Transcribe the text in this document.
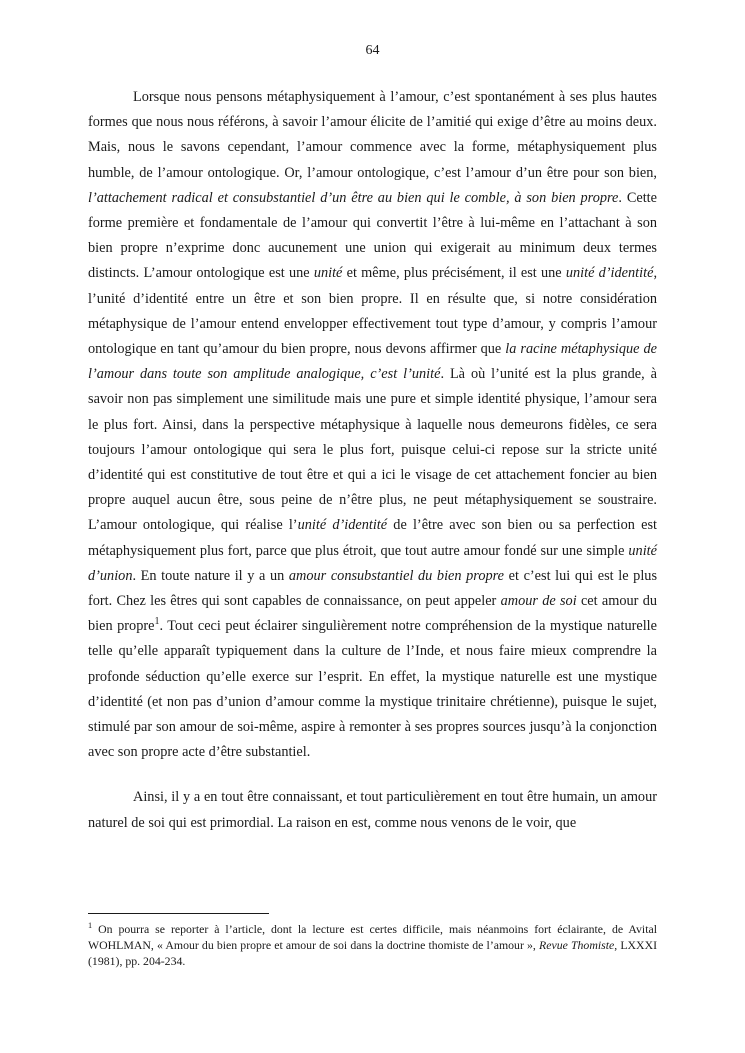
64

Lorsque nous pensons métaphysiquement à l’amour, c’est spontanément à ses plus hautes formes que nous nous référons, à savoir l’amour élicite de l’amitié qui exige d’être au moins deux. Mais, nous le savons cependant, l’amour commence avec la forme, métaphysiquement plus humble, de l’amour ontologique. Or, l’amour ontologique, c’est l’amour d’un être pour son bien, l’attachement radical et consubstantiel d’un être au bien qui le comble, à son bien propre. Cette forme première et fondamentale de l’amour qui convertit l’être à lui-même en l’attachant à son bien propre n’exprime donc aucunement une union qui exigerait au minimum deux termes distincts. L’amour ontologique est une unité et même, plus précisément, il est une unité d’identité, l’unité d’identité entre un être et son bien propre. Il en résulte que, si notre considération métaphysique de l’amour entend envelopper effectivement tout type d’amour, y compris l’amour ontologique en tant qu’amour du bien propre, nous devons affirmer que la racine métaphysique de l’amour dans toute son amplitude analogique, c’est l’unité. Là où l’unité est la plus grande, à savoir non pas simplement une similitude mais une pure et simple identité physique, l’amour sera le plus fort. Ainsi, dans la perspective métaphysique à laquelle nous demeurons fidèles, ce sera toujours l’amour ontologique qui sera le plus fort, puisque celui-ci repose sur la stricte unité d’identité qui est constitutive de tout être et qui a ici le visage de cet attachement foncier au bien propre auquel aucun être, sous peine de n’être plus, ne peut métaphysiquement se soustraire. L’amour ontologique, qui réalise l’unité d’identité de l’être avec son bien ou sa perfection est métaphysiquement plus fort, parce que plus étroit, que tout autre amour fondé sur une simple unité d’union. En toute nature il y a un amour consubstantiel du bien propre et c’est lui qui est le plus fort. Chez les êtres qui sont capables de connaissance, on peut appeler amour de soi cet amour du bien propre$^1$. Tout ceci peut éclairer singulièrement notre compréhension de la mystique naturelle telle qu’elle apparaît typiquement dans la culture de l’Inde, et nous faire mieux comprendre la profonde séduction qu’elle exerce sur l’esprit. En effet, la mystique naturelle est une mystique d’identité (et non pas d’union d’amour comme la mystique trinitaire chrétienne), puisque le sujet, stimulé par son amour de soi-même, aspire à remonter à ses propres sources jusqu’à la conjonction avec son propre acte d’être substantiel.

Ainsi, il y a en tout être connaissant, et tout particulièrement en tout être humain, un amour naturel de soi qui est primordial. La raison en est, comme nous venons de le voir, que

$^1$ On pourra se reporter à l’article, dont la lecture est certes difficile, mais néanmoins fort éclairante, de Avital WOHLMAN, « Amour du bien propre et amour de soi dans la doctrine thomiste de l’amour », Revue Thomiste, LXXXI (1981), pp. 204-234.
